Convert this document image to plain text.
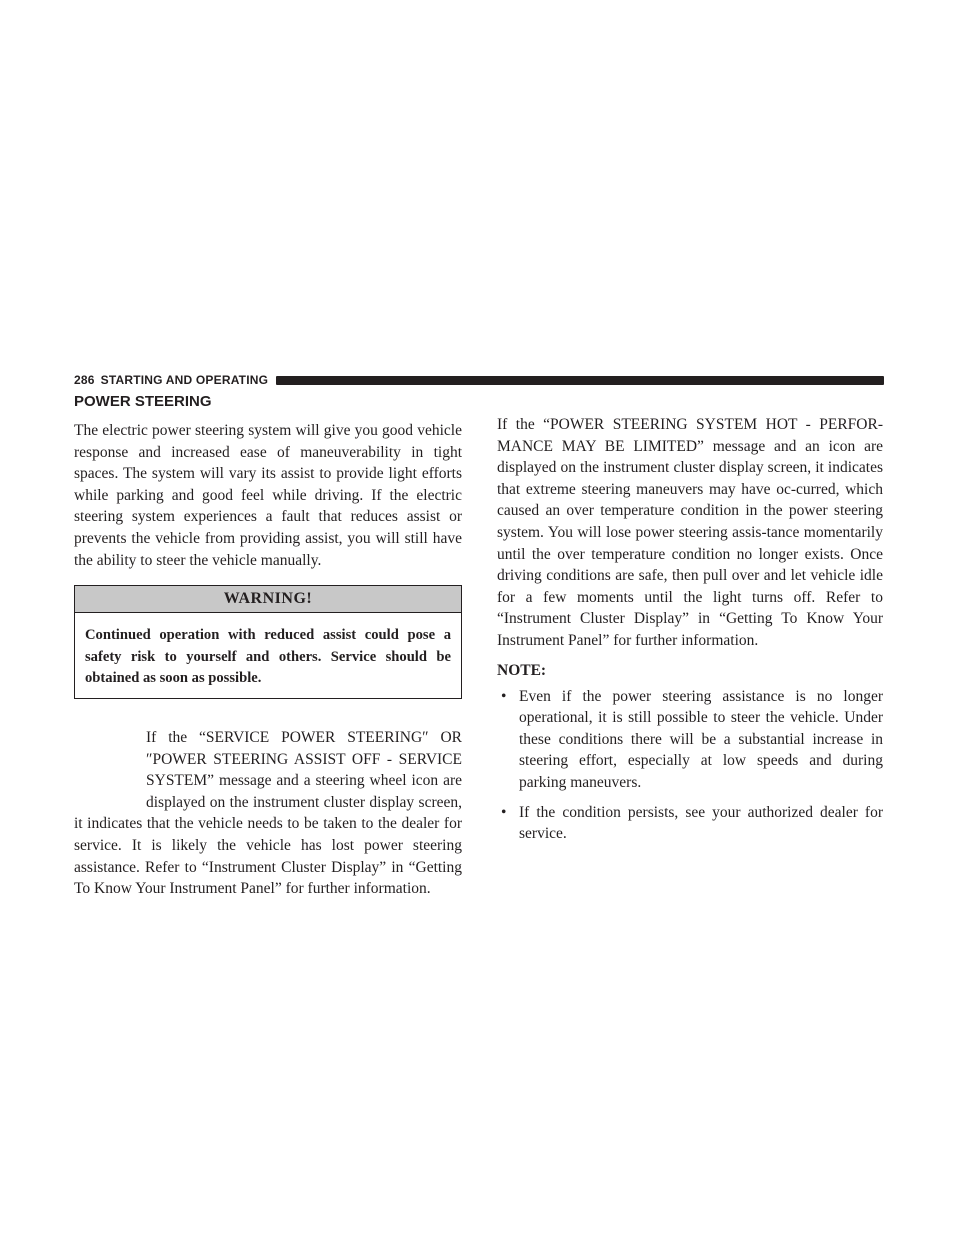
286 STARTING AND OPERATING
POWER STEERING

The electric power steering system will give you good vehicle response and increased ease of maneuverability in tight spaces. The system will vary its assist to provide light efforts while parking and good feel while driving. If the electric steering system experiences a fault that reduces assist or prevents the vehicle from providing assist, you will still have the ability to steer the vehicle manually.

WARNING!
Continued operation with reduced assist could pose a safety risk to yourself and others. Service should be obtained as soon as possible.

If the “SERVICE POWER STEERING″ OR ″POWER STEERING ASSIST OFF - SERVICE SYSTEM” message and a steering wheel icon are displayed on the instrument cluster display screen, it indicates that the vehicle needs to be taken to the dealer for service. It is likely the vehicle has lost power steering assistance. Refer to “Instrument Cluster Display” in “Getting To Know Your Instrument Panel” for further information.

If the “POWER STEERING SYSTEM HOT - PERFOR-MANCE MAY BE LIMITED” message and an icon are displayed on the instrument cluster display screen, it indicates that extreme steering maneuvers may have oc-curred, which caused an over temperature condition in the power steering system. You will lose power steering assis-tance momentarily until the over temperature condition no longer exists. Once driving conditions are safe, then pull over and let vehicle idle for a few moments until the light turns off. Refer to “Instrument Cluster Display” in “Getting To Know Your Instrument Panel” for further information.

NOTE:
• Even if the power steering assistance is no longer operational, it is still possible to steer the vehicle. Under these conditions there will be a substantial increase in steering effort, especially at low speeds and during parking maneuvers.
• If the condition persists, see your authorized dealer for service.
